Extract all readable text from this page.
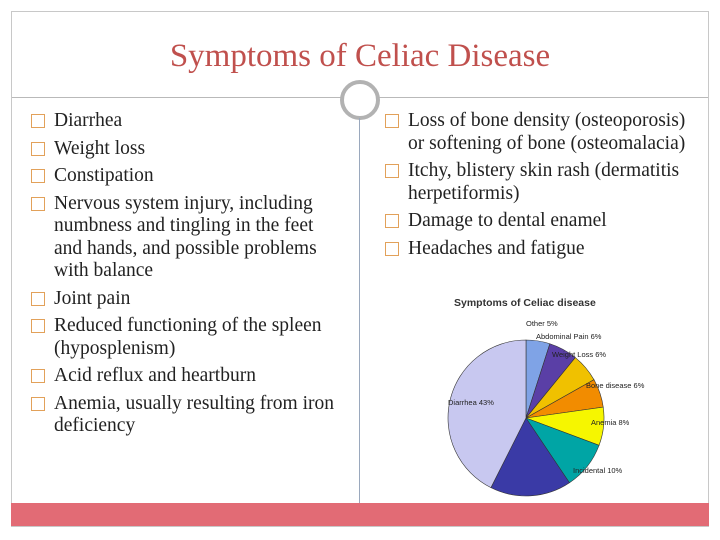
Symptoms of Celiac Disease
Diarrhea
Weight loss
Constipation
Nervous system injury, including numbness and tingling in the feet and hands, and possible problems with balance
Joint pain
Reduced functioning of the spleen (hyposplenism)
Acid reflux and heartburn
Anemia, usually resulting from iron deficiency
Loss of bone density (osteoporosis) or softening of bone (osteomalacia)
Itchy, blistery skin rash (dermatitis herpetiformis)
Damage to dental enamel
Headaches and fatigue
Symptoms of Celiac disease
Other 5%
Abdominal Pain 6%
Weight Loss 6%
Bone disease 6%
Anemia 8%
Incidental 10%
Diarrhea 43%
